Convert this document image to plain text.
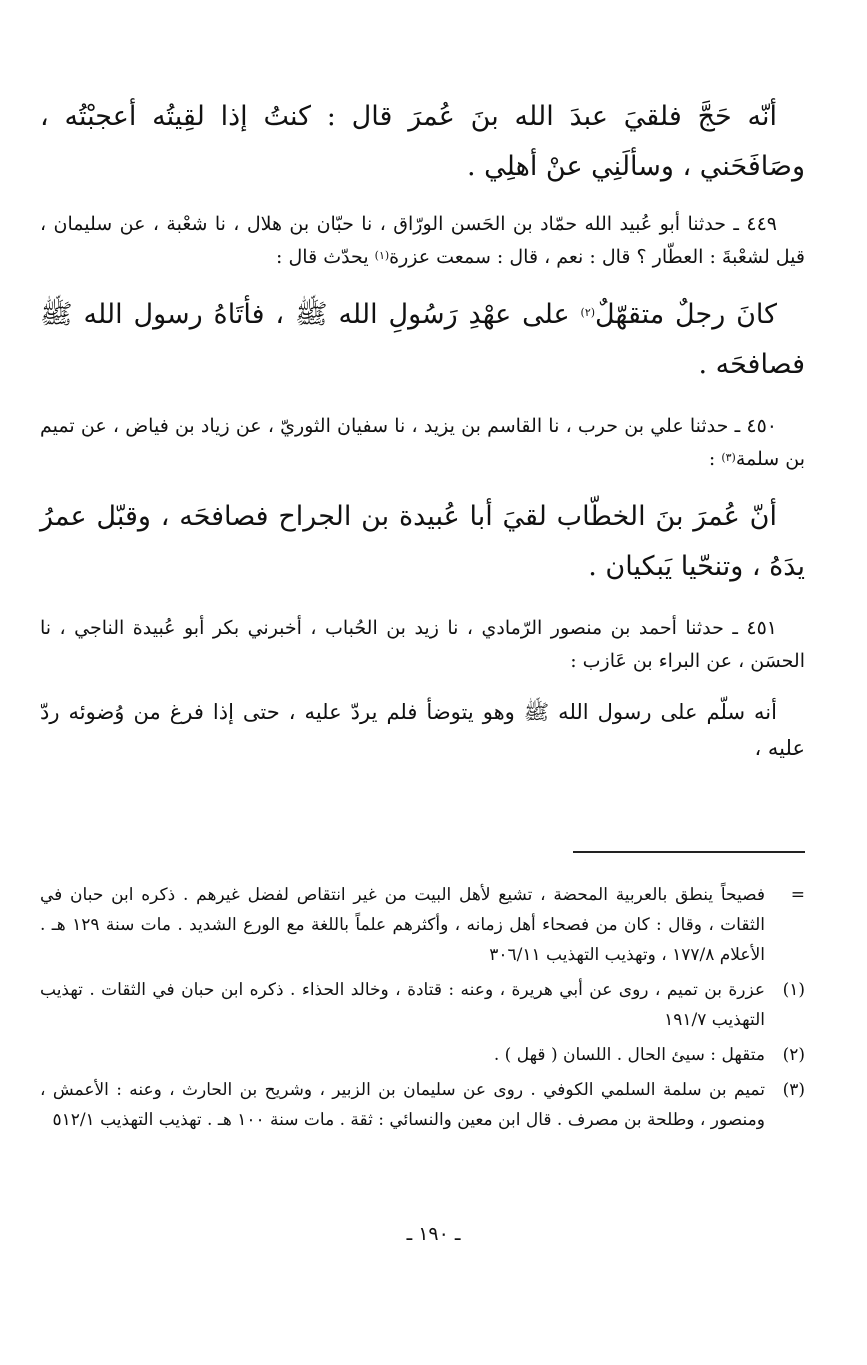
أنّه حَجَّ فلقيَ عبدَ الله بنَ عُمرَ قال : كنتُ إذا لقِيتُه أعجبْتُه ، وصَافَحَني ، وسألَنِي عنْ أهلِي .

٤٤٩ ـ حدثنا أبو عُبيد الله حمّاد بن الحَسن الورّاق ، نا حبّان بن هلال ، نا شعْبة ، عن سليمان ، قيل لشعْبةَ : العطّار ؟ قال : نعم ، قال : سمعت عزرة$^{(١)}$ يحدّث قال :

كانَ رجلٌ متقهّلٌ$^{(٢)}$ على عهْدِ رَسُولِ الله ﷺ ، فأتَاهُ رسول الله ﷺ فصافحَه .

٤٥٠ ـ حدثنا علي بن حرب ، نا القاسم بن يزيد ، نا سفيان الثوريّ ، عن زياد بن فياض ، عن تميم بن سلمة$^{(٣)}$ :

أنّ عُمرَ بنَ الخطّاب لقيَ أبا عُبيدة بن الجراح فصافحَه ، وقبّل عمرُ يدَهُ ، وتنحّيا يَبكيان .

٤٥١ ـ حدثنا أحمد بن منصور الرّمادي ، نا زيد بن الحُباب ، أخبرني بكر أبو عُبيدة الناجي ، نا الحسَن ، عن البراء بن عَازب :

أنه سلّم على رسول الله ﷺ وهو يتوضأ فلم يردّ عليه ، حتى إذا فرغ من وُضوئه ردّ عليه ،

=
فصيحاً ينطق بالعربية المحضة ، تشيع لأهل البيت من غير انتقاص لفضل غيرهم . ذكره ابن حبان في الثقات ، وقال : كان من فصحاء أهل زمانه ، وأكثرهم علماً باللغة مع الورع الشديد . مات سنة ١٢٩ هـ . الأعلام ١٧٧/٨ ، وتهذيب التهذيب ٣٠٦/١١
(١)
عزرة بن تميم ، روى عن أبي هريرة ، وعنه : قتادة ، وخالد الحذاء . ذكره ابن حبان في الثقات . تهذيب التهذيب ١٩١/٧
(٢)
متقهل : سيئ الحال . اللسان ( قهل ) .
(٣)
تميم بن سلمة السلمي الكوفي . روى عن سليمان بن الزبير ، وشريح بن الحارث ، وعنه : الأعمش ، ومنصور ، وطلحة بن مصرف . قال ابن معين والنسائي : ثقة . مات سنة ١٠٠ هـ . تهذيب التهذيب ٥١٢/١
ـ ١٩٠ ـ
